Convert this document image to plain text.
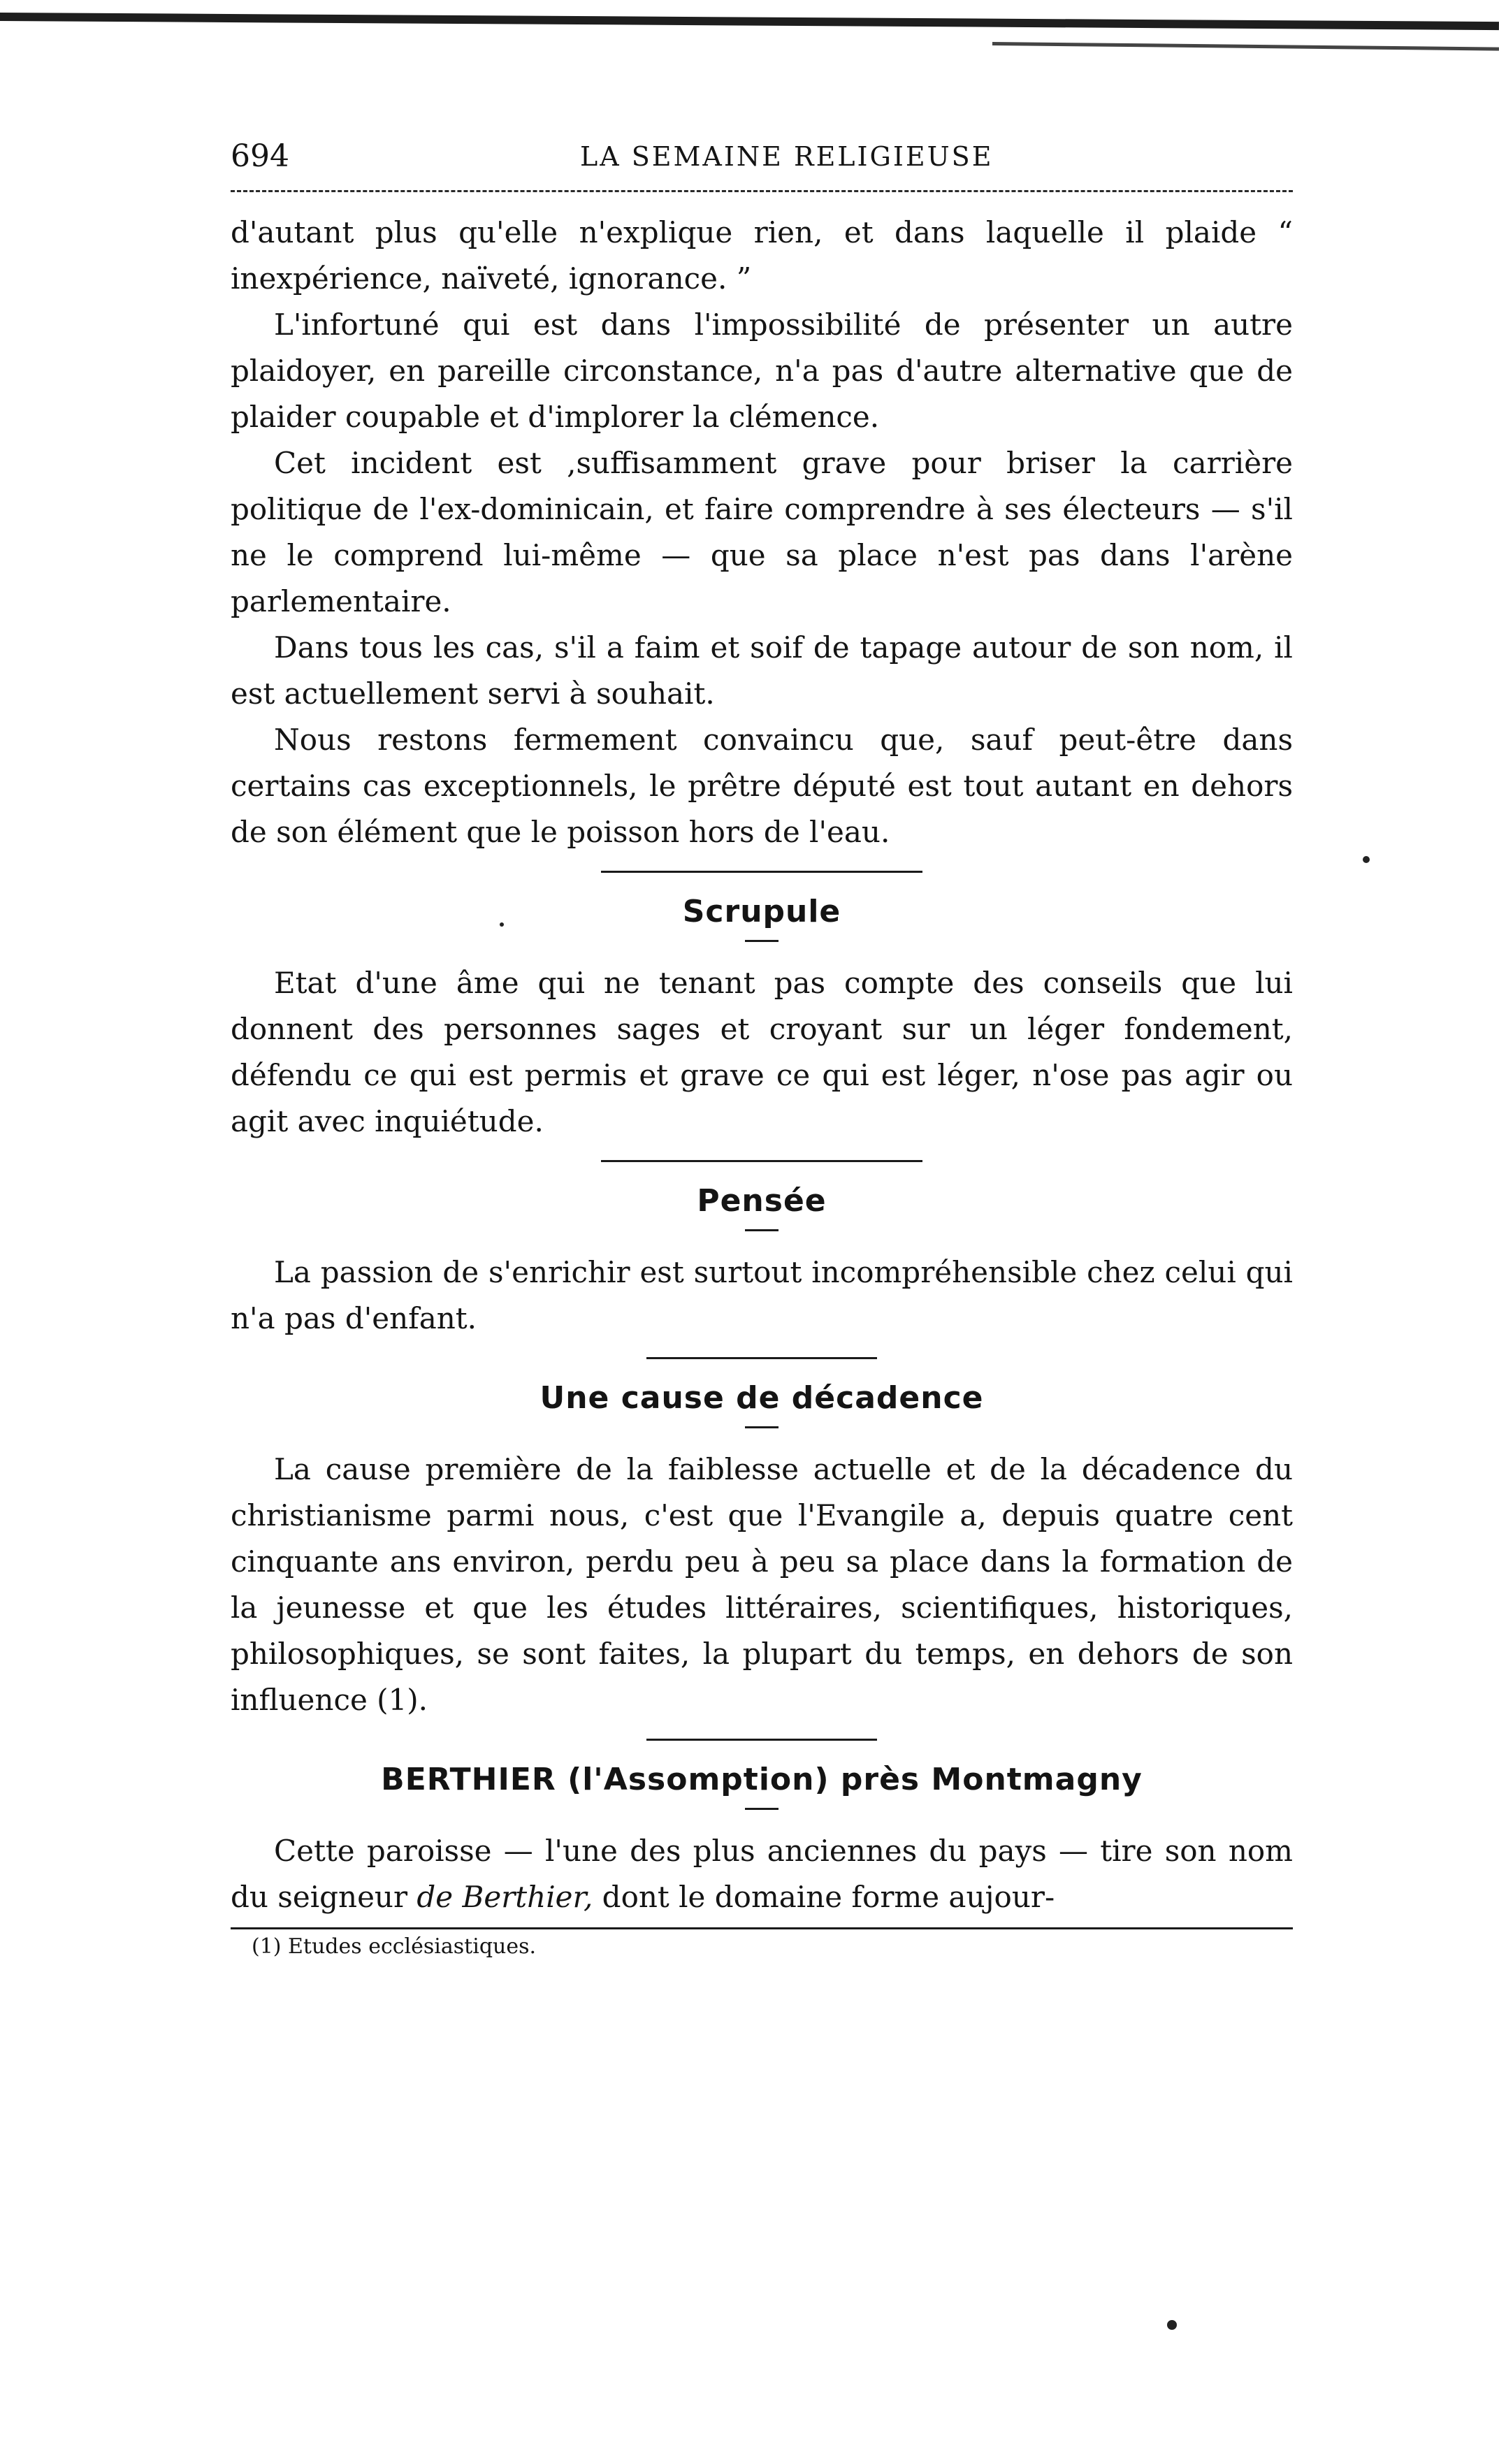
694	LA SEMAINE RELIGIEUSE

d'autant plus qu'elle n'explique rien, et dans laquelle il plaide “ inexpérience, naïveté, ignorance. ”

L'infortuné qui est dans l'impossibilité de présenter un autre plaidoyer, en pareille circonstance, n'a pas d'autre alternative que de plaider coupable et d'implorer la clémence.

Cet incident est ,suffisamment grave pour briser la carrière politique de l'ex-dominicain, et faire comprendre à ses électeurs — s'il ne le comprend lui-même — que sa place n'est pas dans l'arène parlementaire.

Dans tous les cas, s'il a faim et soif de tapage autour de son nom, il est actuellement servi à souhait.

Nous restons fermement convaincu que, sauf peut-être dans certains cas exceptionnels, le prêtre député est tout autant en dehors de son élément que le poisson hors de l'eau.

Scrupule

Etat d'une âme qui ne tenant pas compte des conseils que lui donnent des personnes sages et croyant sur un léger fondement, défendu ce qui est permis et grave ce qui est léger, n'ose pas agir ou agit avec inquiétude.

Pensée

La passion de s'enrichir est surtout incompréhensible chez celui qui n'a pas d'enfant.

Une cause de décadence

La cause première de la faiblesse actuelle et de la décadence du christianisme parmi nous, c'est que l'Evangile a, depuis quatre cent cinquante ans environ, perdu peu à peu sa place dans la formation de la jeunesse et que les études littéraires, scientifiques, historiques, philosophiques, se sont faites, la plupart du temps, en dehors de son influence (1).

BERTHIER (l'Assomption) près Montmagny

Cette paroisse — l'une des plus anciennes du pays — tire son nom du seigneur de Berthier, dont le domaine forme aujour-

(1) Etudes ecclésiastiques.
